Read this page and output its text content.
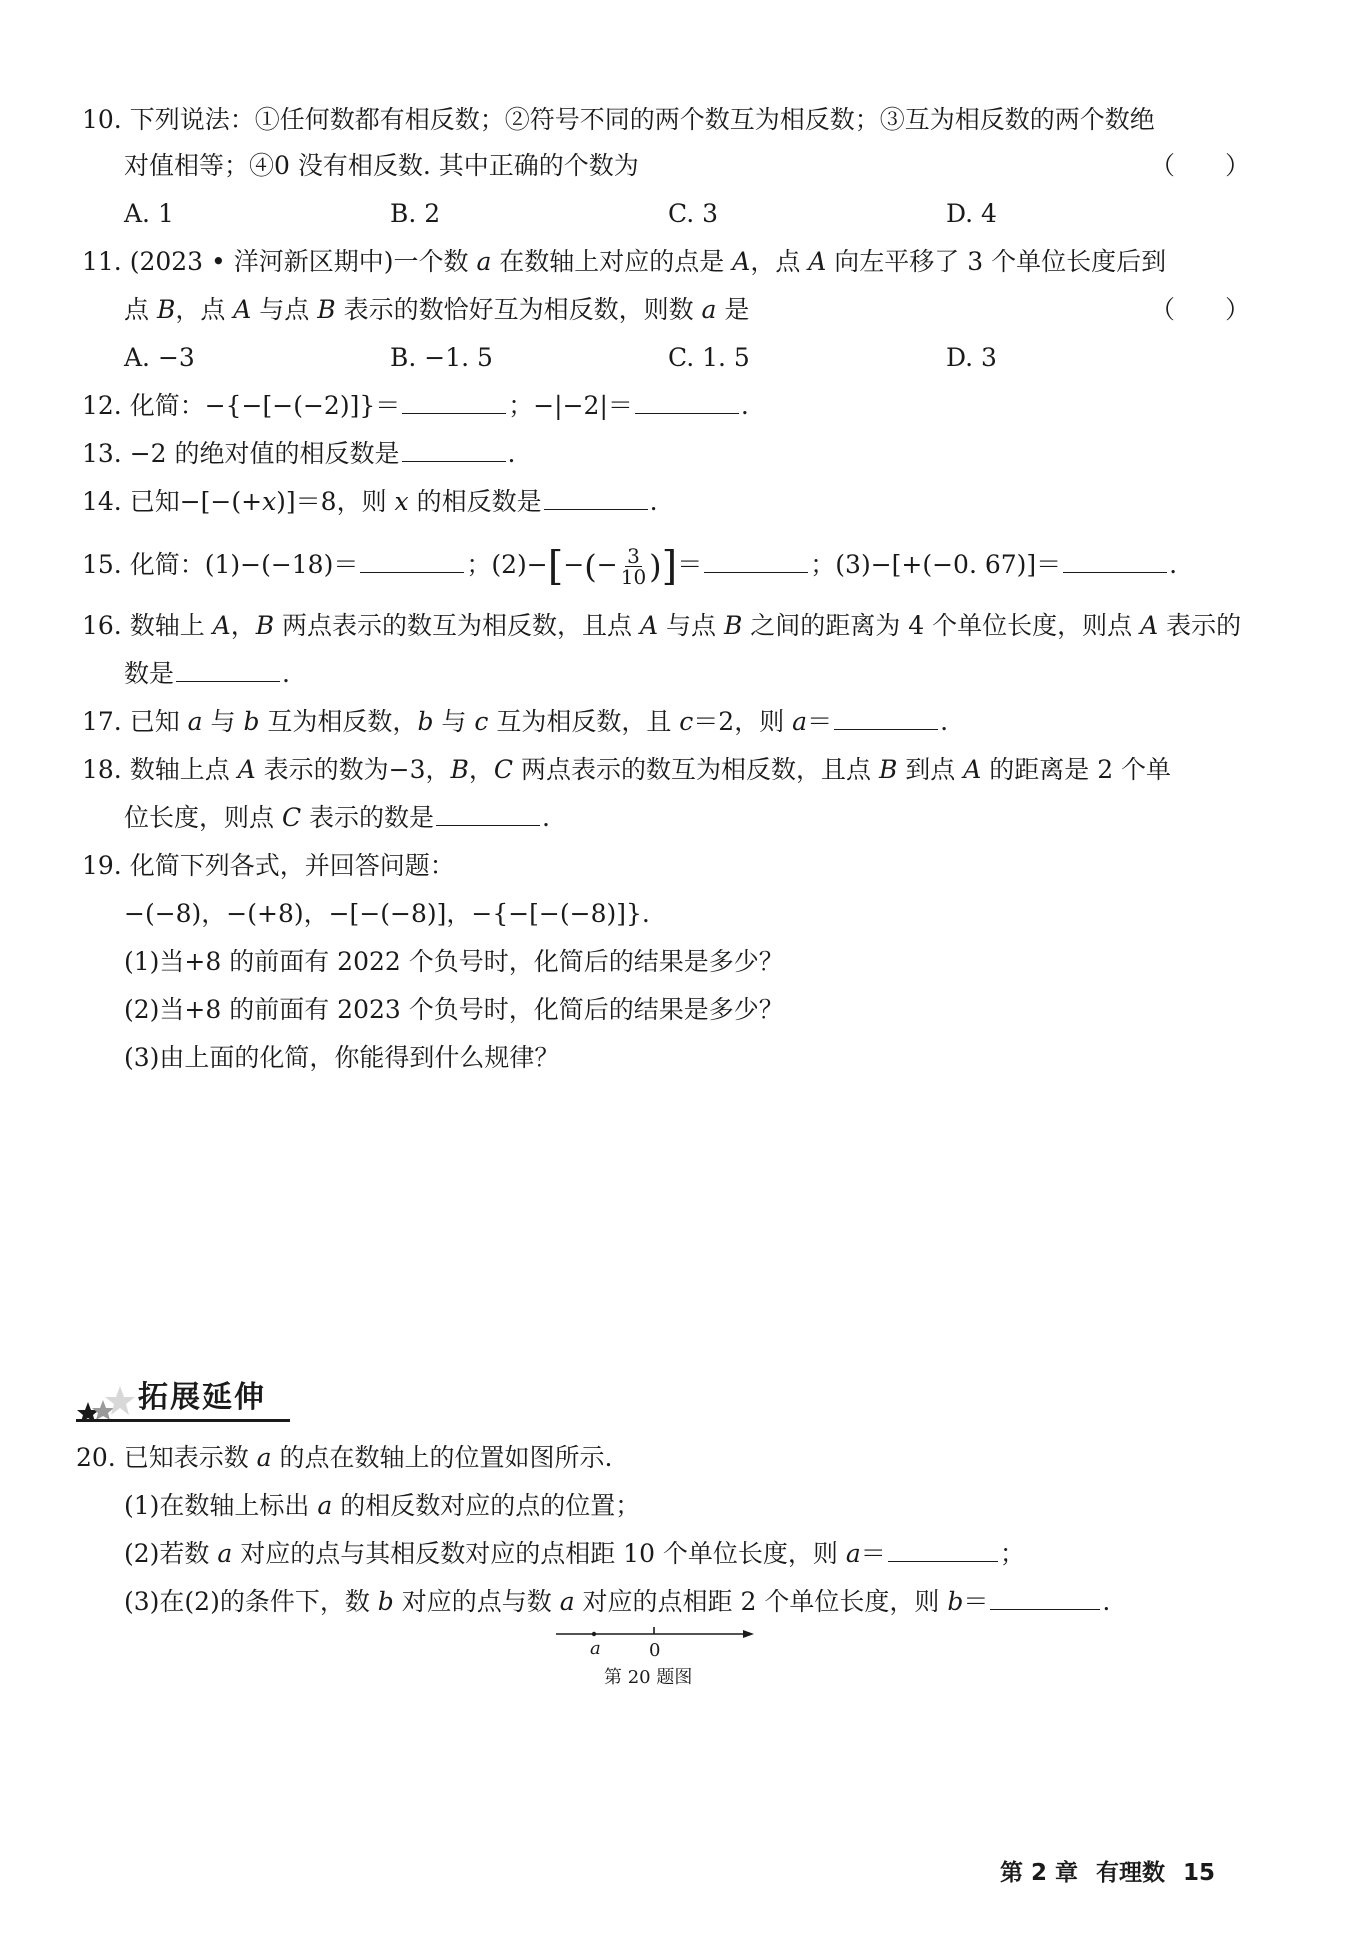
10. 下列说法：①任何数都有相反数；②符号不同的两个数互为相反数；③互为相反数的两个数绝
对值相等；④0 没有相反数. 其中正确的个数为	（　　）
A. 1	B. 2	C. 3	D. 4
11. (2023 • 洋河新区期中)一个数 a 在数轴上对应的点是 A，点 A 向左平移了 3 个单位长度后到
点 B，点 A 与点 B 表示的数恰好互为相反数，则数 a 是	（　　）
A. −3	B. −1. 5	C. 1. 5	D. 3
12. 化简：−{−[−(−2)]}＝	；−|−2|＝	.
13. −2 的绝对值的相反数是	.
14. 已知−[−(+x)]＝8，则 x 的相反数是	.
15. 化简：(1)−(−18)＝	；$(2)-[-(- \frac{3}{10}$ )]＝	；(3)−[+(−0. 67)]＝	.
16. 数轴上 A，B 两点表示的数互为相反数，且点 A 与点 B 之间的距离为 4 个单位长度，则点 A 表示的
数是	.
17. 已知 a 与 b 互为相反数，b 与 c 互为相反数，且 c＝2，则 a＝	.
18. 数轴上点 A 表示的数为−3，B，C 两点表示的数互为相反数，且点 B 到点 A 的距离是 2 个单
位长度，则点 C 表示的数是	.
19. 化简下列各式，并回答问题：
−(−8)，−(+8)，−[−(−8)]，−{−[−(−8)]}.
(1)当+8 的前面有 2022 个负号时，化简后的结果是多少？
(2)当+8 的前面有 2023 个负号时，化简后的结果是多少？
(3)由上面的化简，你能得到什么规律？
拓展延伸
20. 已知表示数 a 的点在数轴上的位置如图所示.
(1)在数轴上标出 a 的相反数对应的点的位置；
(2)若数 a 对应的点与其相反数对应的点相距 10 个单位长度，则 a＝	；
(3)在(2)的条件下，数 b 对应的点与数 a 对应的点相距 2 个单位长度，则 b＝	.
a	0
第 20 题图
第 2 章 有理数 15
